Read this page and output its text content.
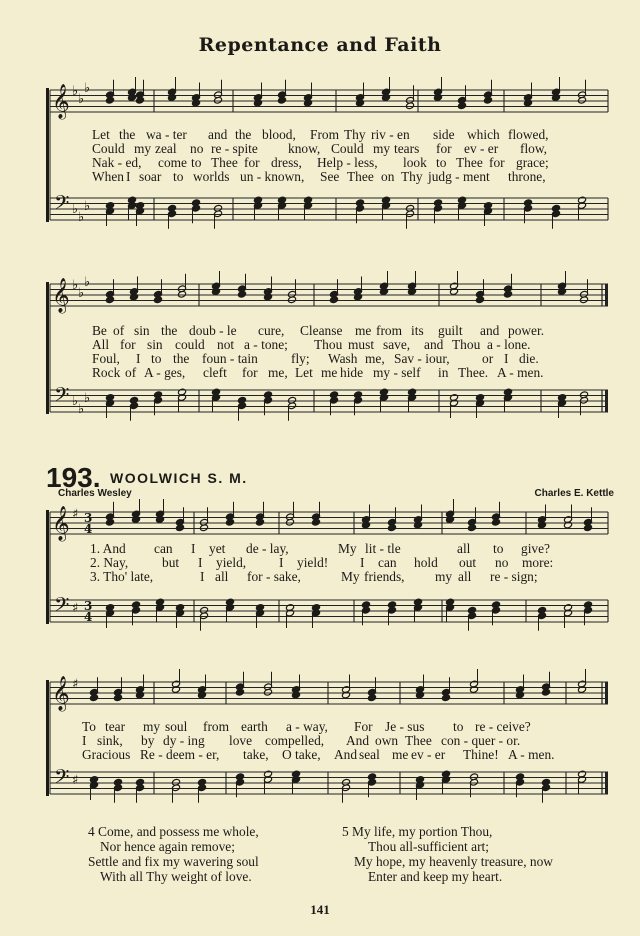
Repentance and Faith
𝄞
𝄢
♭
♭
♭
♭
♭
♭
Let the wa - ter and the blood, From Thy riv - en side which flowed,
Could my zeal no re - spite know, Could my tears for ev - er flow,
Nak - ed, come to Thee for dress, Help - less, look to Thee for grace;
When I soar to worlds un - known, See Thee on Thy judg - ment throne,
𝄞
𝄢
♭
♭
♭
♭
♭
♭
Be of sin the doub - le cure, Cleanse me from its guilt and power.
All for sin could not a - tone; Thou must save, and Thou a - lone.
Foul, I to the foun - tain fly; Wash me, Sav - iour, or I die.
Rock of A - ges, cleft for me, Let me hide my - self in Thee. A - men.
193. WOOLWICH S. M.
Charles Wesley	Charles E. Kettle
𝄞
𝄢
♯
♯
3
4
3
4
1. And can I yet de - lay,	My lit - tle	all to give?
2. Nay,	but I yield, I yield! I can hold out no more:
3. Tho' late,	I all for - sake,	My friends, my all re - sign;
𝄞
𝄢
♯
♯
To tear my soul from earth a - way, For Je - sus to re - ceive?
I sink, by dy - ing love compelled, And own Thee con - quer - or.
Gracious Re - deem - er, take, O take, And seal me ev - er Thine! A - men.
4 Come, and possess me whole,
Nor hence again remove;
Settle and fix my wavering soul
With all Thy weight of love.
5 My life, my portion Thou,
Thou all-sufficient art;
My hope, my heavenly treasure, now
Enter and keep my heart.
141
